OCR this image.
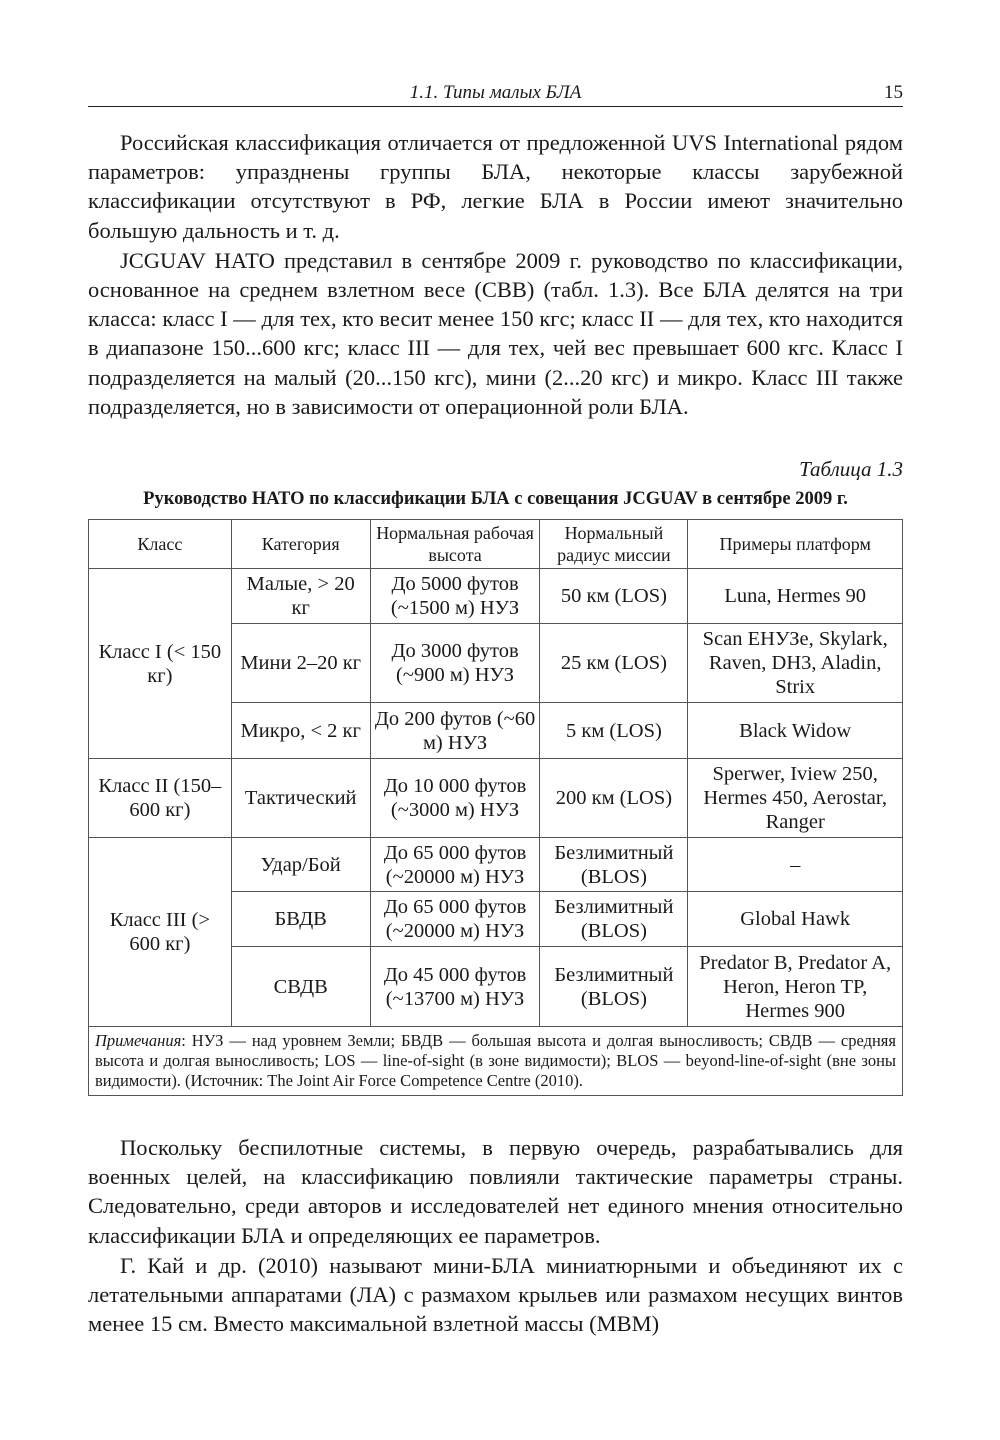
1.1. Типы малых БЛА	15

Российская классификация отличается от предложенной UVS International рядом параметров: упразднены группы БЛА, некоторые классы зарубежной классификации отсутствуют в РФ, легкие БЛА в России имеют значительно большую дальность и т. д.

JCGUAV НАТО представил в сентябре 2009 г. руководство по классификации, основанное на среднем взлетном весе (СВВ) (табл. 1.3). Все БЛА делятся на три класса: класс I — для тех, кто весит менее 150 кгс; класс II — для тех, кто находится в диапазоне 150...600 кгс; класс III — для тех, чей вес превышает 600 кгс. Класс I подразделяется на малый (20...150 кгс), мини (2...20 кгс) и микро. Класс III также подразделяется, но в зависимости от операционной роли БЛА.

Таблица 1.3
Руководство НАТО по классификации БЛА с совещания JCGUAV в сентябре 2009 г.
Класс	Категория	Нормальная рабочая высота	Нормальный радиус миссии	Примеры платформ
Класс I (< 150 кг)	Малые, > 20 кг	До 5000 футов (~1500 м) НУЗ	50 км (LOS)	Luna, Hermes 90
	Мини 2–20 кг	До 3000 футов (~900 м) НУЗ	25 км (LOS)	Scan EНУЗe, Skylark, Raven, DH3, Aladin, Strix
	Микро, < 2 кг	До 200 футов (~60 м) НУЗ	5 км (LOS)	Black Widow
Класс II (150–600 кг)	Тактический	До 10 000 футов (~3000 м) НУЗ	200 км (LOS)	Sperwer, Iview 250, Hermes 450, Aerostar, Ranger
Класс III (> 600 кг)	Удар/Бой	До 65 000 футов (~20000 м) НУЗ	Безлимитный (BLOS)	–
	БВДВ	До 65 000 футов (~20000 м) НУЗ	Безлимитный (BLOS)	Global Hawk
	СВДВ	До 45 000 футов (~13700 м) НУЗ	Безлимитный (BLOS)	Predator B, Predator A, Heron, Heron TP, Hermes 900
Примечания: НУЗ — над уровнем Земли; БВДВ — большая высота и долгая выносливость; СВДВ — средняя высота и долгая выносливость; LOS — line-of-sight (в зоне видимости); BLOS — beyond-line-of-sight (вне зоны видимости). (Источник: The Joint Air Force Competence Centre (2010).				

Поскольку беспилотные системы, в первую очередь, разрабатывались для военных целей, на классификацию повлияли тактические параметры страны. Следовательно, среди авторов и исследователей нет единого мнения относительно классификации БЛА и определяющих ее параметров.

Г. Кай и др. (2010) называют мини-БЛА миниатюрными и объединяют их с летательными аппаратами (ЛА) с размахом крыльев или размахом несущих винтов менее 15 см. Вместо максимальной взлетной массы (МВМ)
